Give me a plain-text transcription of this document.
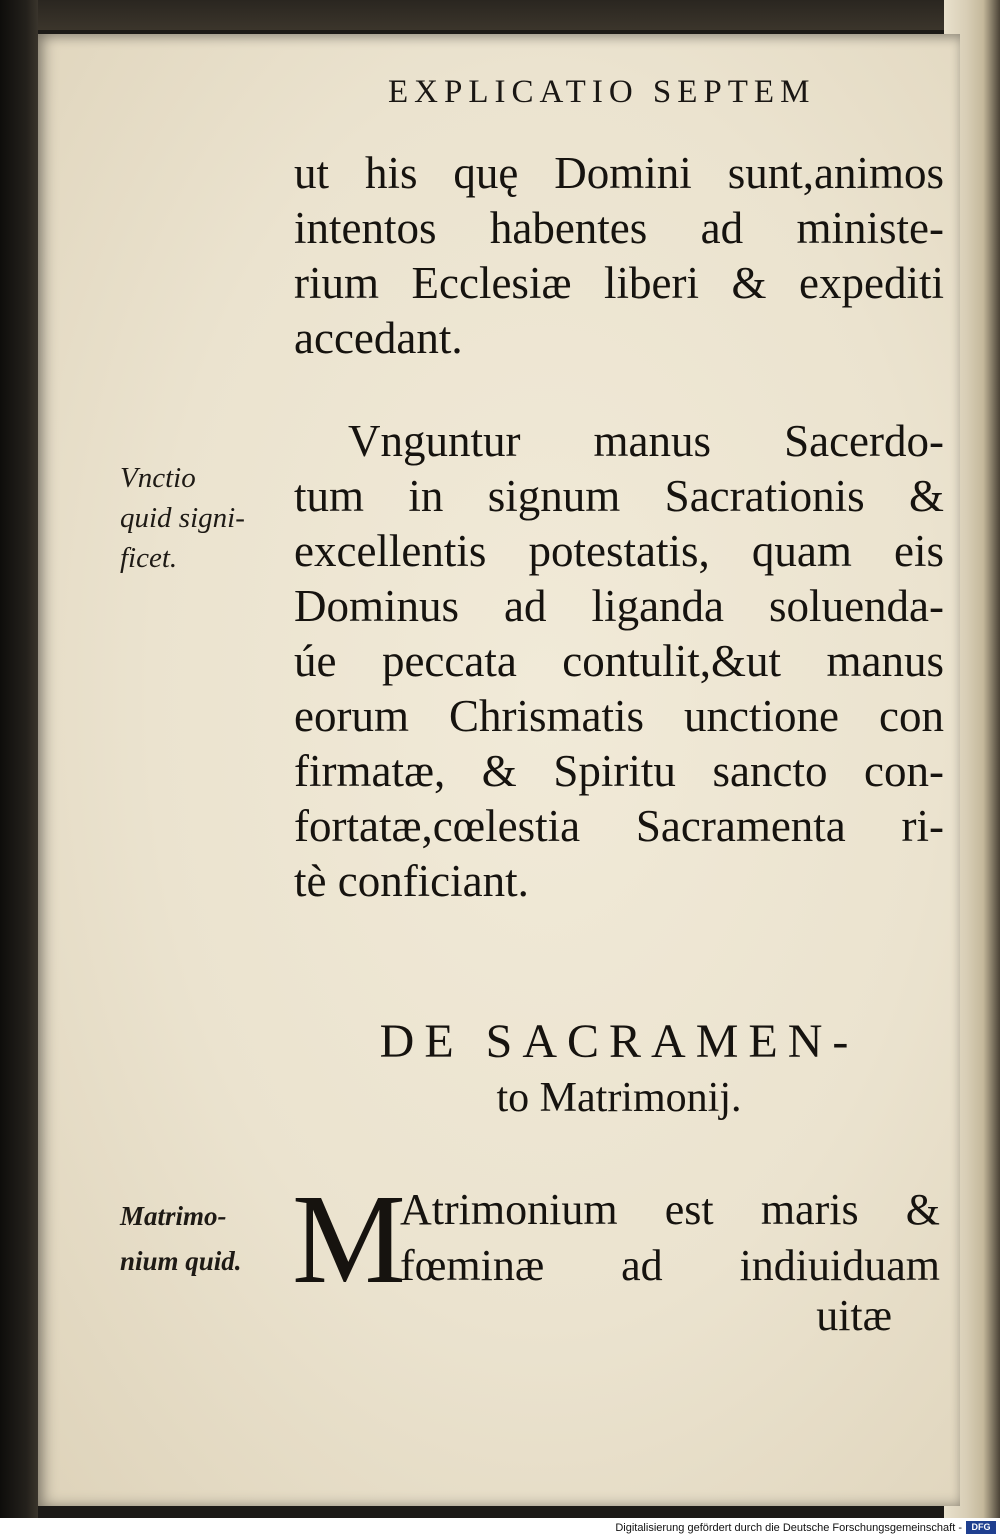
EXPLICATIO SEPTEM
ut his quę Domini sunt,animos
intentos habentes ad ministe-
rium Ecclesiæ liberi & expediti
accedant.
Vnctio
quid signi-
ficet.
Vnguntur manus Sacerdo-
tum in signum Sacrationis &
excellentis potestatis, quam eis
Dominus ad liganda soluenda-
úe peccata contulit,&ut manus
eorum Chrismatis unctione con
firmatæ, & Spiritu sancto con-
fortatæ,cœlestia Sacramenta ri-
tè conficiant.
DE SACRAMEN-
to Matrimonij.
Matrimo-
nium quid. M
Atrimonium est maris &
fœminæ ad indiuiduam
uitæ
Digitalisierung gefördert durch die Deutsche Forschungsgemeinschaft -	DFG
